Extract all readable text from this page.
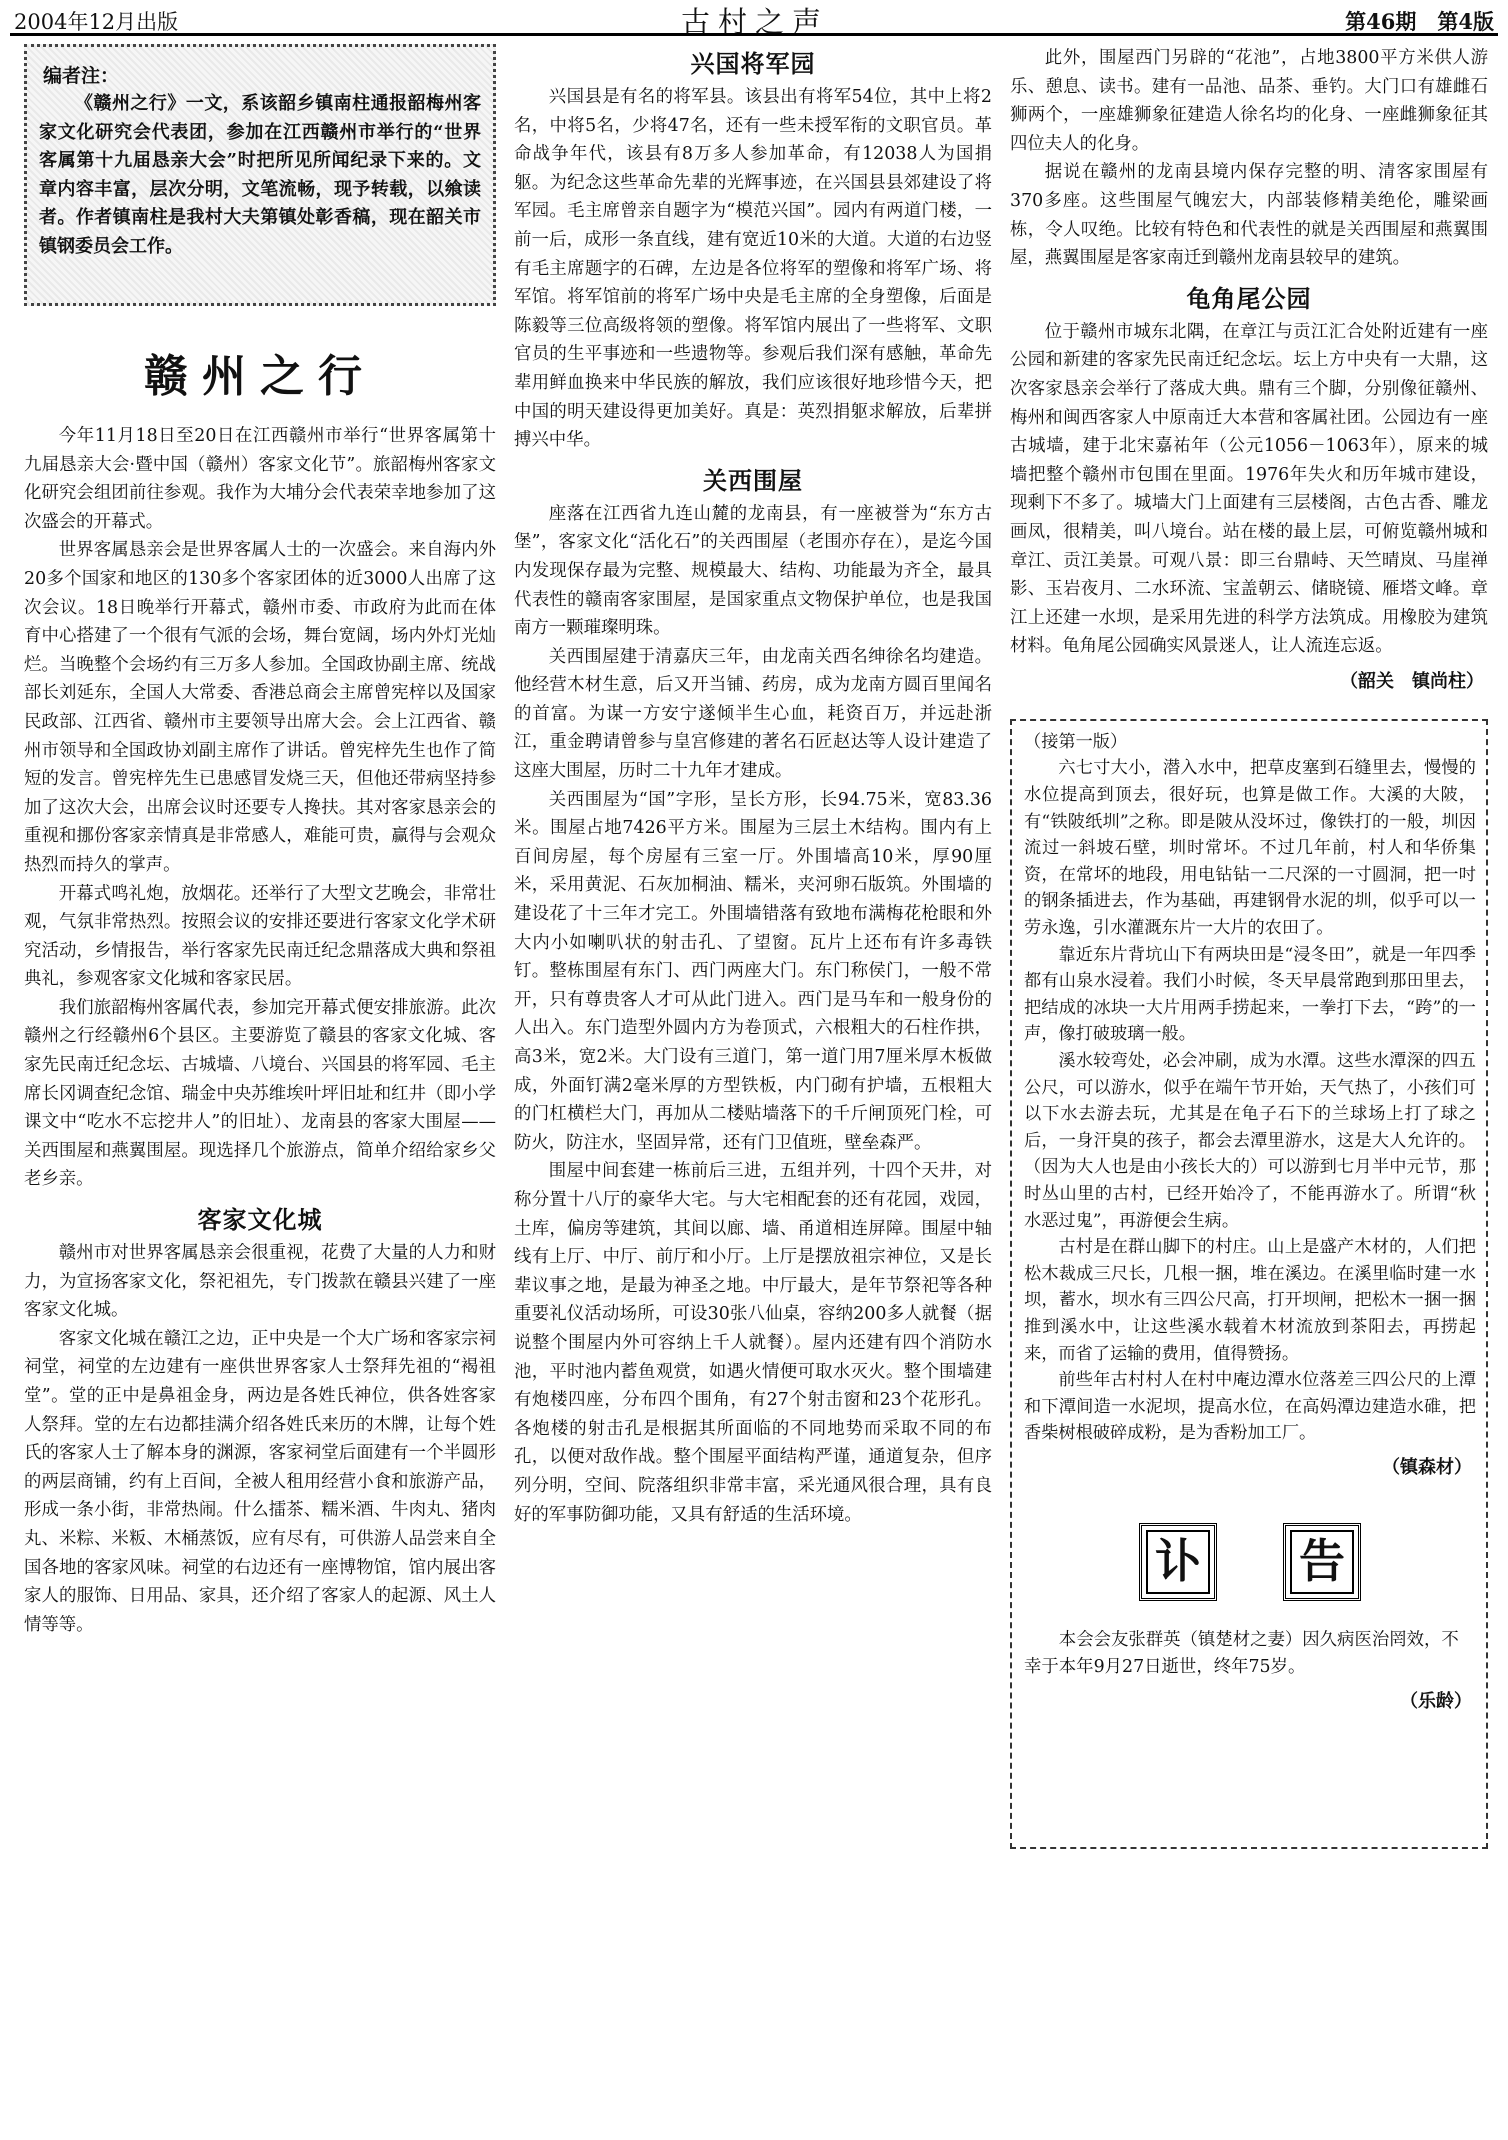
2004年12月出版	古村之声	第46期　第4版
编者注：

《赣州之行》一文，系该韶乡镇南柱通报韶梅州客家文化研究会代表团，参加在江西赣州市举行的“世界客属第十九届恳亲大会”时把所见所闻纪录下来的。文章内容丰富，层次分明，文笔流畅，现予转载，以飨读者。作者镇南柱是我村大夫第镇处彰香稿，现在韶关市镇钢委员会工作。

赣州之行

今年11月18日至20日在江西赣州市举行“世界客属第十九届恳亲大会·暨中国（赣州）客家文化节”。旅韶梅州客家文化研究会组团前往参观。我作为大埔分会代表荣幸地参加了这次盛会的开幕式。

世界客属恳亲会是世界客属人士的一次盛会。来自海内外20多个国家和地区的130多个客家团体的近3000人出席了这次会议。18日晚举行开幕式，赣州市委、市政府为此而在体育中心搭建了一个很有气派的会场，舞台宽阔，场内外灯光灿烂。当晚整个会场约有三万多人参加。全国政协副主席、统战部长刘延东，全国人大常委、香港总商会主席曾宪梓以及国家民政部、江西省、赣州市主要领导出席大会。会上江西省、赣州市领导和全国政协刘副主席作了讲话。曾宪梓先生也作了简短的发言。曾宪梓先生已患感冒发烧三天，但他还带病坚持参加了这次大会，出席会议时还要专人搀扶。其对客家恳亲会的重视和挪份客家亲情真是非常感人，难能可贵，赢得与会观众热烈而持久的掌声。

开幕式鸣礼炮，放烟花。还举行了大型文艺晚会，非常壮观，气氛非常热烈。按照会议的安排还要进行客家文化学术研究活动，乡情报告，举行客家先民南迁纪念鼎落成大典和祭祖典礼，参观客家文化城和客家民居。

我们旅韶梅州客属代表，参加完开幕式便安排旅游。此次赣州之行经赣州6个县区。主要游览了赣县的客家文化城、客家先民南迁纪念坛、古城墙、八境台、兴国县的将军园、毛主席长冈调查纪念馆、瑞金中央苏维埃叶坪旧址和红井（即小学课文中“吃水不忘挖井人”的旧址）、龙南县的客家大围屋——关西围屋和燕翼围屋。现选择几个旅游点，简单介绍给家乡父老乡亲。

客家文化城

赣州市对世界客属恳亲会很重视，花费了大量的人力和财力，为宣扬客家文化，祭祀祖先，专门拨款在赣县兴建了一座客家文化城。

客家文化城在赣江之边，正中央是一个大广场和客家宗祠祠堂，祠堂的左边建有一座供世界客家人士祭拜先祖的“褐祖堂”。堂的正中是鼻祖金身，两边是各姓氏神位，供各姓客家人祭拜。堂的左右边都挂满介绍各姓氏来历的木牌，让每个姓氏的客家人士了解本身的渊源，客家祠堂后面建有一个半圆形的两层商铺，约有上百间，全被人租用经营小食和旅游产品，形成一条小街，非常热闹。什么擂茶、糯米酒、牛肉丸、猪肉丸、米粽、米粄、木桶蒸饭，应有尽有，可供游人品尝来自全国各地的客家风味。祠堂的右边还有一座博物馆，馆内展出客家人的服饰、日用品、家具，还介绍了客家人的起源、风土人情等等。

兴国将军园

兴国县是有名的将军县。该县出有将军54位，其中上将2名，中将5名，少将47名，还有一些未授军衔的文职官员。革命战争年代，该县有8万多人参加革命，有12038人为国捐躯。为纪念这些革命先辈的光辉事迹，在兴国县县郊建设了将军园。毛主席曾亲自题字为“模范兴国”。园内有两道门楼，一前一后，成形一条直线，建有宽近10米的大道。大道的右边竖有毛主席题字的石碑，左边是各位将军的塑像和将军广场、将军馆。将军馆前的将军广场中央是毛主席的全身塑像，后面是陈毅等三位高级将领的塑像。将军馆内展出了一些将军、文职官员的生平事迹和一些遗物等。参观后我们深有感触，革命先辈用鲜血换来中华民族的解放，我们应该很好地珍惜今天，把中国的明天建设得更加美好。真是：英烈捐躯求解放，后辈拼搏兴中华。

关西围屋

座落在江西省九连山麓的龙南县，有一座被誉为“东方古堡”，客家文化“活化石”的关西围屋（老围亦存在），是迄今国内发现保存最为完整、规模最大、结构、功能最为齐全，最具代表性的赣南客家围屋，是国家重点文物保护单位，也是我国南方一颗璀璨明珠。

关西围屋建于清嘉庆三年，由龙南关西名绅徐名均建造。他经营木材生意，后又开当铺、药房，成为龙南方圆百里闻名的首富。为谋一方安宁遂倾半生心血，耗资百万，并远赴浙江，重金聘请曾参与皇宫修建的著名石匠赵达等人设计建造了这座大围屋，历时二十九年才建成。

关西围屋为“国”字形，呈长方形，长94.75米，宽83.36米。围屋占地7426平方米。围屋为三层土木结构。围内有上百间房屋，每个房屋有三室一厅。外围墙高10米，厚90厘米，采用黄泥、石灰加桐油、糯米，夹河卵石版筑。外围墙的建设花了十三年才完工。外围墙错落有致地布满梅花枪眼和外大内小如喇叭状的射击孔、了望窗。瓦片上还布有许多毒铁钉。整栋围屋有东门、西门两座大门。东门称侯门，一般不常开，只有尊贵客人才可从此门进入。西门是马车和一般身份的人出入。东门造型外圆内方为卷顶式，六根粗大的石柱作拱，高3米，宽2米。大门设有三道门，第一道门用7厘米厚木板做成，外面钉满2毫米厚的方型铁板，内门砌有护墙，五根粗大的门杠横栏大门，再加从二楼贴墙落下的千斤闸顶死门栓，可防火，防注水，坚固异常，还有门卫值班，壁垒森严。

围屋中间套建一栋前后三进，五组并列，十四个天井，对称分置十八厅的豪华大宅。与大宅相配套的还有花园，戏园，土库，偏房等建筑，其间以廊、墙、甬道相连屏障。围屋中轴线有上厅、中厅、前厅和小厅。上厅是摆放祖宗神位，又是长辈议事之地，是最为神圣之地。中厅最大，是年节祭祀等各种重要礼仪活动场所，可设30张八仙桌，容纳200多人就餐（据说整个围屋内外可容纳上千人就餐）。屋内还建有四个消防水池，平时池内蓄鱼观赏，如遇火情便可取水灭火。整个围墙建有炮楼四座，分布四个围角，有27个射击窗和23个花形孔。各炮楼的射击孔是根据其所面临的不同地势而采取不同的布孔，以便对敌作战。整个围屋平面结构严谨，通道复杂，但序列分明，空间、院落组织非常丰富，采光通风很合理，具有良好的军事防御功能，又具有舒适的生活环境。

此外，围屋西门另辟的“花池”，占地3800平方米供人游乐、憩息、读书。建有一品池、品茶、垂钓。大门口有雄雌石狮两个，一座雄狮象征建造人徐名均的化身、一座雌狮象征其四位夫人的化身。

据说在赣州的龙南县境内保存完整的明、清客家围屋有370多座。这些围屋气魄宏大，内部装修精美绝伦，雕梁画栋，令人叹绝。比较有特色和代表性的就是关西围屋和燕翼围屋，燕翼围屋是客家南迁到赣州龙南县较早的建筑。

龟角尾公园

位于赣州市城东北隅，在章江与贡江汇合处附近建有一座公园和新建的客家先民南迁纪念坛。坛上方中央有一大鼎，这次客家恳亲会举行了落成大典。鼎有三个脚，分别像征赣州、梅州和闽西客家人中原南迁大本营和客属社团。公园边有一座古城墙，建于北宋嘉祐年（公元1056－1063年），原来的城墙把整个赣州市包围在里面。1976年失火和历年城市建设，现剩下不多了。城墙大门上面建有三层楼阁，古色古香、雕龙画凤，很精美，叫八境台。站在楼的最上层，可俯览赣州城和章江、贡江美景。可观八景：即三台鼎峙、天竺晴岚、马崖禅影、玉岩夜月、二水环流、宝盖朝云、储晓镜、雁塔文峰。章江上还建一水坝，是采用先进的科学方法筑成。用橡胶为建筑材料。龟角尾公园确实风景迷人，让人流连忘返。

（韶关　镇尚柱）

（接第一版）

六七寸大小，潜入水中，把草皮塞到石缝里去，慢慢的水位提高到顶去，很好玩，也算是做工作。大溪的大陂，有“铁陂纸圳”之称。即是陂从没坏过，像铁打的一般，圳因流过一斜坡石壁，圳时常坏。不过几年前，村人和华侨集资，在常坏的地段，用电钻钻一二尺深的一寸圆洞，把一吋的钢条插进去，作为基础，再建钢骨水泥的圳，似乎可以一劳永逸，引水灌溉东片一大片的农田了。

靠近东片背坑山下有两块田是“浸冬田”，就是一年四季都有山泉水浸着。我们小时候，冬天早晨常跑到那田里去，把结成的冰块一大片用两手捞起来，一拳打下去，“跨”的一声，像打破玻璃一般。

溪水较弯处，必会冲刷，成为水潭。这些水潭深的四五公尺，可以游水，似乎在端午节开始，天气热了，小孩们可以下水去游去玩，尤其是在龟子石下的兰球场上打了球之后，一身汗臭的孩子，都会去潭里游水，这是大人允许的。（因为大人也是由小孩长大的）可以游到七月半中元节，那时丛山里的古村，已经开始冷了，不能再游水了。所谓“秋水恶过鬼”，再游便会生病。

古村是在群山脚下的村庄。山上是盛产木材的，人们把松木裁成三尺长，几根一捆，堆在溪边。在溪里临时建一水坝，蓄水，坝水有三四公尺高，打开坝闸，把松木一捆一捆推到溪水中，让这些溪水载着木材流放到茶阳去，再捞起来，而省了运输的费用，值得赞扬。

前些年古村村人在村中庵边潭水位落差三四公尺的上潭和下潭间造一水泥坝，提高水位，在高妈潭边建造水碓，把香柴树根破碎成粉，是为香粉加工厂。

（镇森材）
讣	告

本会会友张群英（镇楚材之妻）因久病医治罔效，不幸于本年9月27日逝世，终年75岁。

（乐龄）
